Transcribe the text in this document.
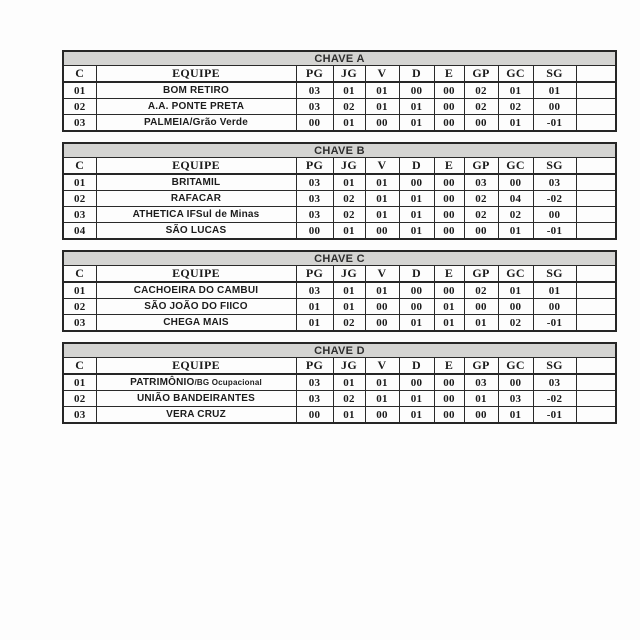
CHAVE A										
C	EQUIPE	PG	JG	V	D	E	GP	GC	SG	
01	BOM RETIRO	03	01	01	00	00	02	01	01	
02	A.A. PONTE PRETA	03	02	01	01	00	02	02	00	
03	PALMEIA/Grão Verde	00	01	00	01	00	00	01	-01	
CHAVE B										
C	EQUIPE	PG	JG	V	D	E	GP	GC	SG	
01	BRITAMIL	03	01	01	00	00	03	00	03	
02	RAFACAR	03	02	01	01	00	02	04	-02	
03	ATHETICA IFSul de Minas	03	02	01	01	00	02	02	00	
04	SÃO LUCAS	00	01	00	01	00	00	01	-01	
CHAVE C										
C	EQUIPE	PG	JG	V	D	E	GP	GC	SG	
01	CACHOEIRA DO CAMBUI	03	01	01	00	00	02	01	01	
02	SÃO JOÃO DO FIICO	01	01	00	00	01	00	00	00	
03	CHEGA MAIS	01	02	00	01	01	01	02	-01	
CHAVE D										
C	EQUIPE	PG	JG	V	D	E	GP	GC	SG	
01	PATRIMÔNIO/BG Ocupacional	03	01	01	00	00	03	00	03	
02	UNIÃO BANDEIRANTES	03	02	01	01	00	01	03	-02	
03	VERA CRUZ	00	01	00	01	00	00	01	-01	
